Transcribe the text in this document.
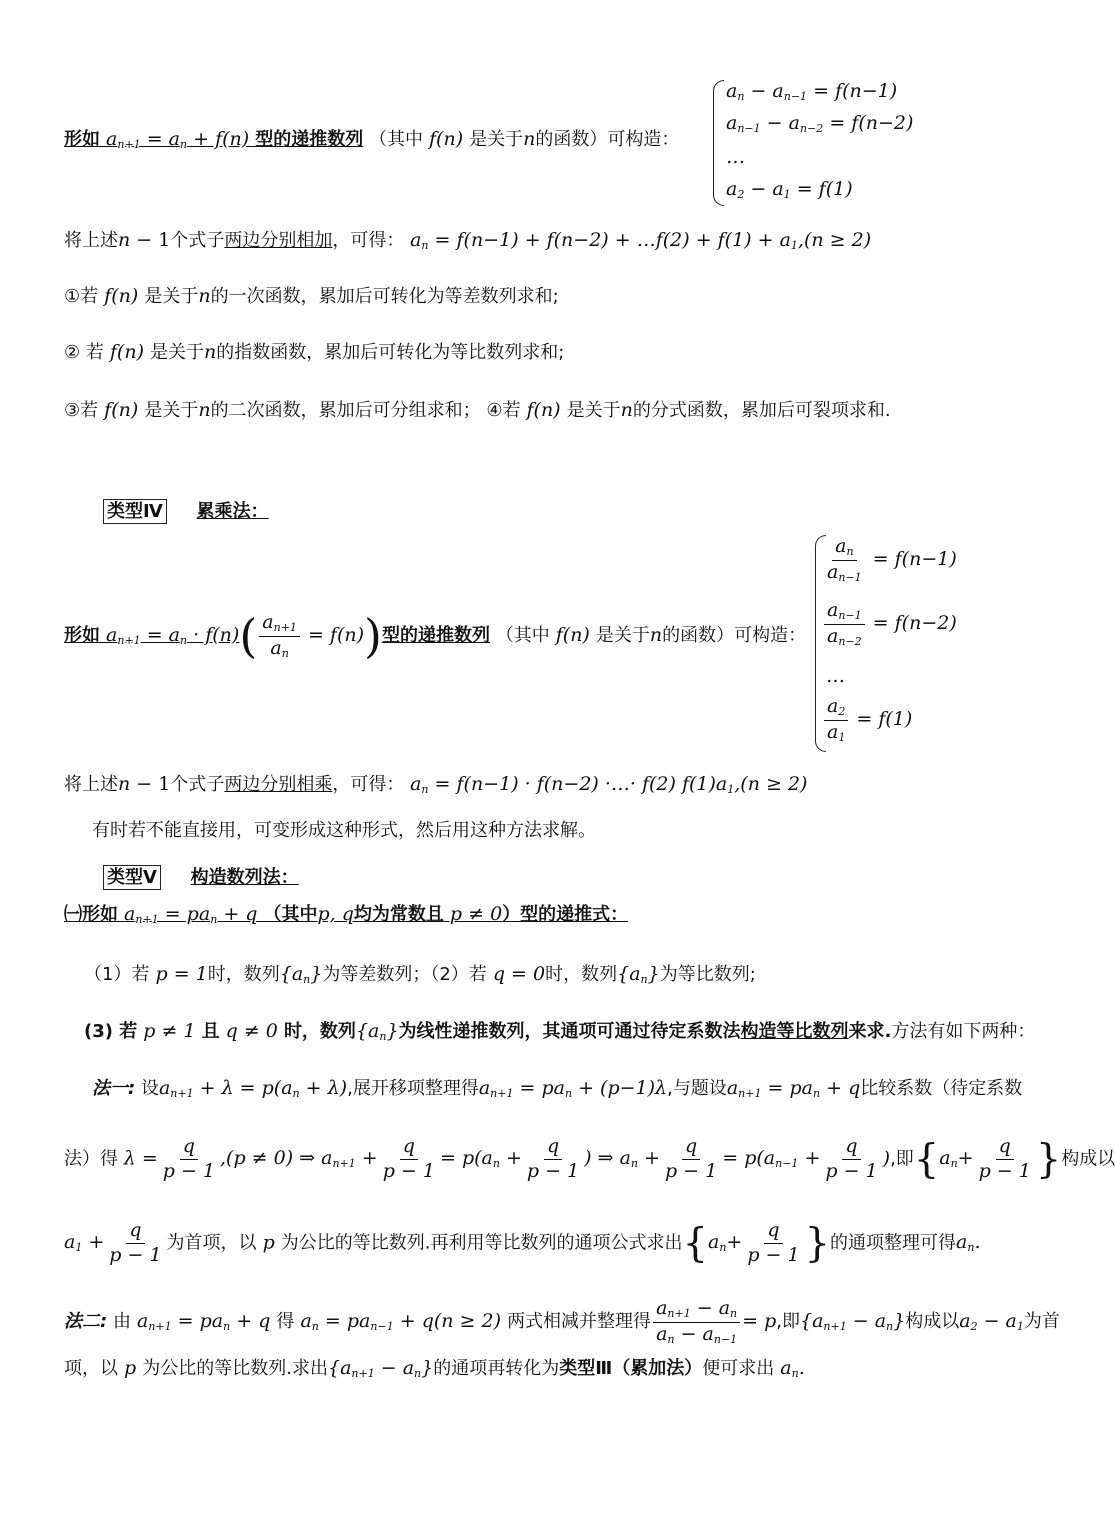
形如 $a_{n+1} = a_n + f(n)$ 型的递推数列 （其中 f(n) 是关于n的函数）可构造：
$a_n - a_{n-1} = f(n-1)$
$a_{n-1} - a_{n-2} = f(n-2)$
…
$a_2 - a_1 = f(1)$
将上述n − 1个式子两边分别相加，可得： $a_n = f(n-1) + f(n-2)$ + …f(2) + $f(1) + a_1,(n \ge 2)$
①若 f(n) 是关于n的一次函数，累加后可转化为等差数列求和;
② 若 f(n) 是关于n的指数函数，累加后可转化为等比数列求和;
③若 f(n) 是关于n的二次函数，累加后可分组求和； ④若 f(n) 是关于n的分式函数，累加后可裂项求和.
类型Ⅳ 累乘法：
形如 $a_{n+1} = a_n \cdot f(n)( \frac{a_{n+1}}{a_n} = f(n))$型的递推数列 （其中 f(n) 是关于n的函数）可构造：
$\frac{a_n}{a_{n-1}} = f(n-1)$
$\frac{a_{n-1}}{a_{n-2}} = f(n-2)$
…
$\frac{a_2}{a_1} = f(1)$
将上述n − 1个式子两边分别相乘，可得： $a_n = f(n-1) \cdot f(n-2)$ ·…· f(2) $f(1)a_1,(n \ge 2)$
有时若不能直接用，可变形成这种形式，然后用这种方法求解。
类型Ⅴ 构造数列法：
㈠形如 $a_{n+1} = pa_n + q$ （其中p, q均为常数且 p ≠ 0）型的递推式：
（1）若 p = 1时，数列$\{a_n\}$为等差数列；（2）若 q = 0时，数列$\{a_n\}$为等比数列;
(3) 若 p ≠ 1 且 q ≠ 0 时，数列$\{a_n\}$为线性递推数列，其通项可通过待定系数法构造等比数列来求.方法有如下两种：
法一: 设$a_{n+1} + \lambda = p(a_n + \lambda)$,展开移项整理得$a_{n+1} = pa_n + (p-1)\lambda$,与题设$a_{n+1} = pa_n + q$比较系数（待定系数
法）得 $\lambda = \frac{q}{p - 1} ,(p \ne 0)$ ⇒ $a_{n+1} + \frac{q}{p - 1} = p(a_n + \frac{q}{p - 1}$ ) ⇒ $a_n + \frac{q}{p - 1} = p(a_{n-1} + \frac{q}{p - 1}$ ),即{$a_n+ \frac{q}{p - 1}$ }构成以
$a_1 + \frac{q}{p - 1}$ 为首项，以 p 为公比的等比数列.再利用等比数列的通项公式求出{$a_n+ \frac{q}{p - 1}$ }的通项整理可得$a_n$.
法二: 由 $a_{n+1} = pa_n + q$ 得 $a_n = pa_{n-1} + q(n \ge 2)$ 两式相减并整理得 $\frac{a_{n+1} - a_n}{a_n - a_{n-1}} = p$,即$\{a_{n+1} - a_n\}$构成以$a_2 - a_1$为首
项，以 p 为公比的等比数列.求出$\{a_{n+1} - a_n\}$的通项再转化为类型Ⅲ（累加法）便可求出 $a_n$.
